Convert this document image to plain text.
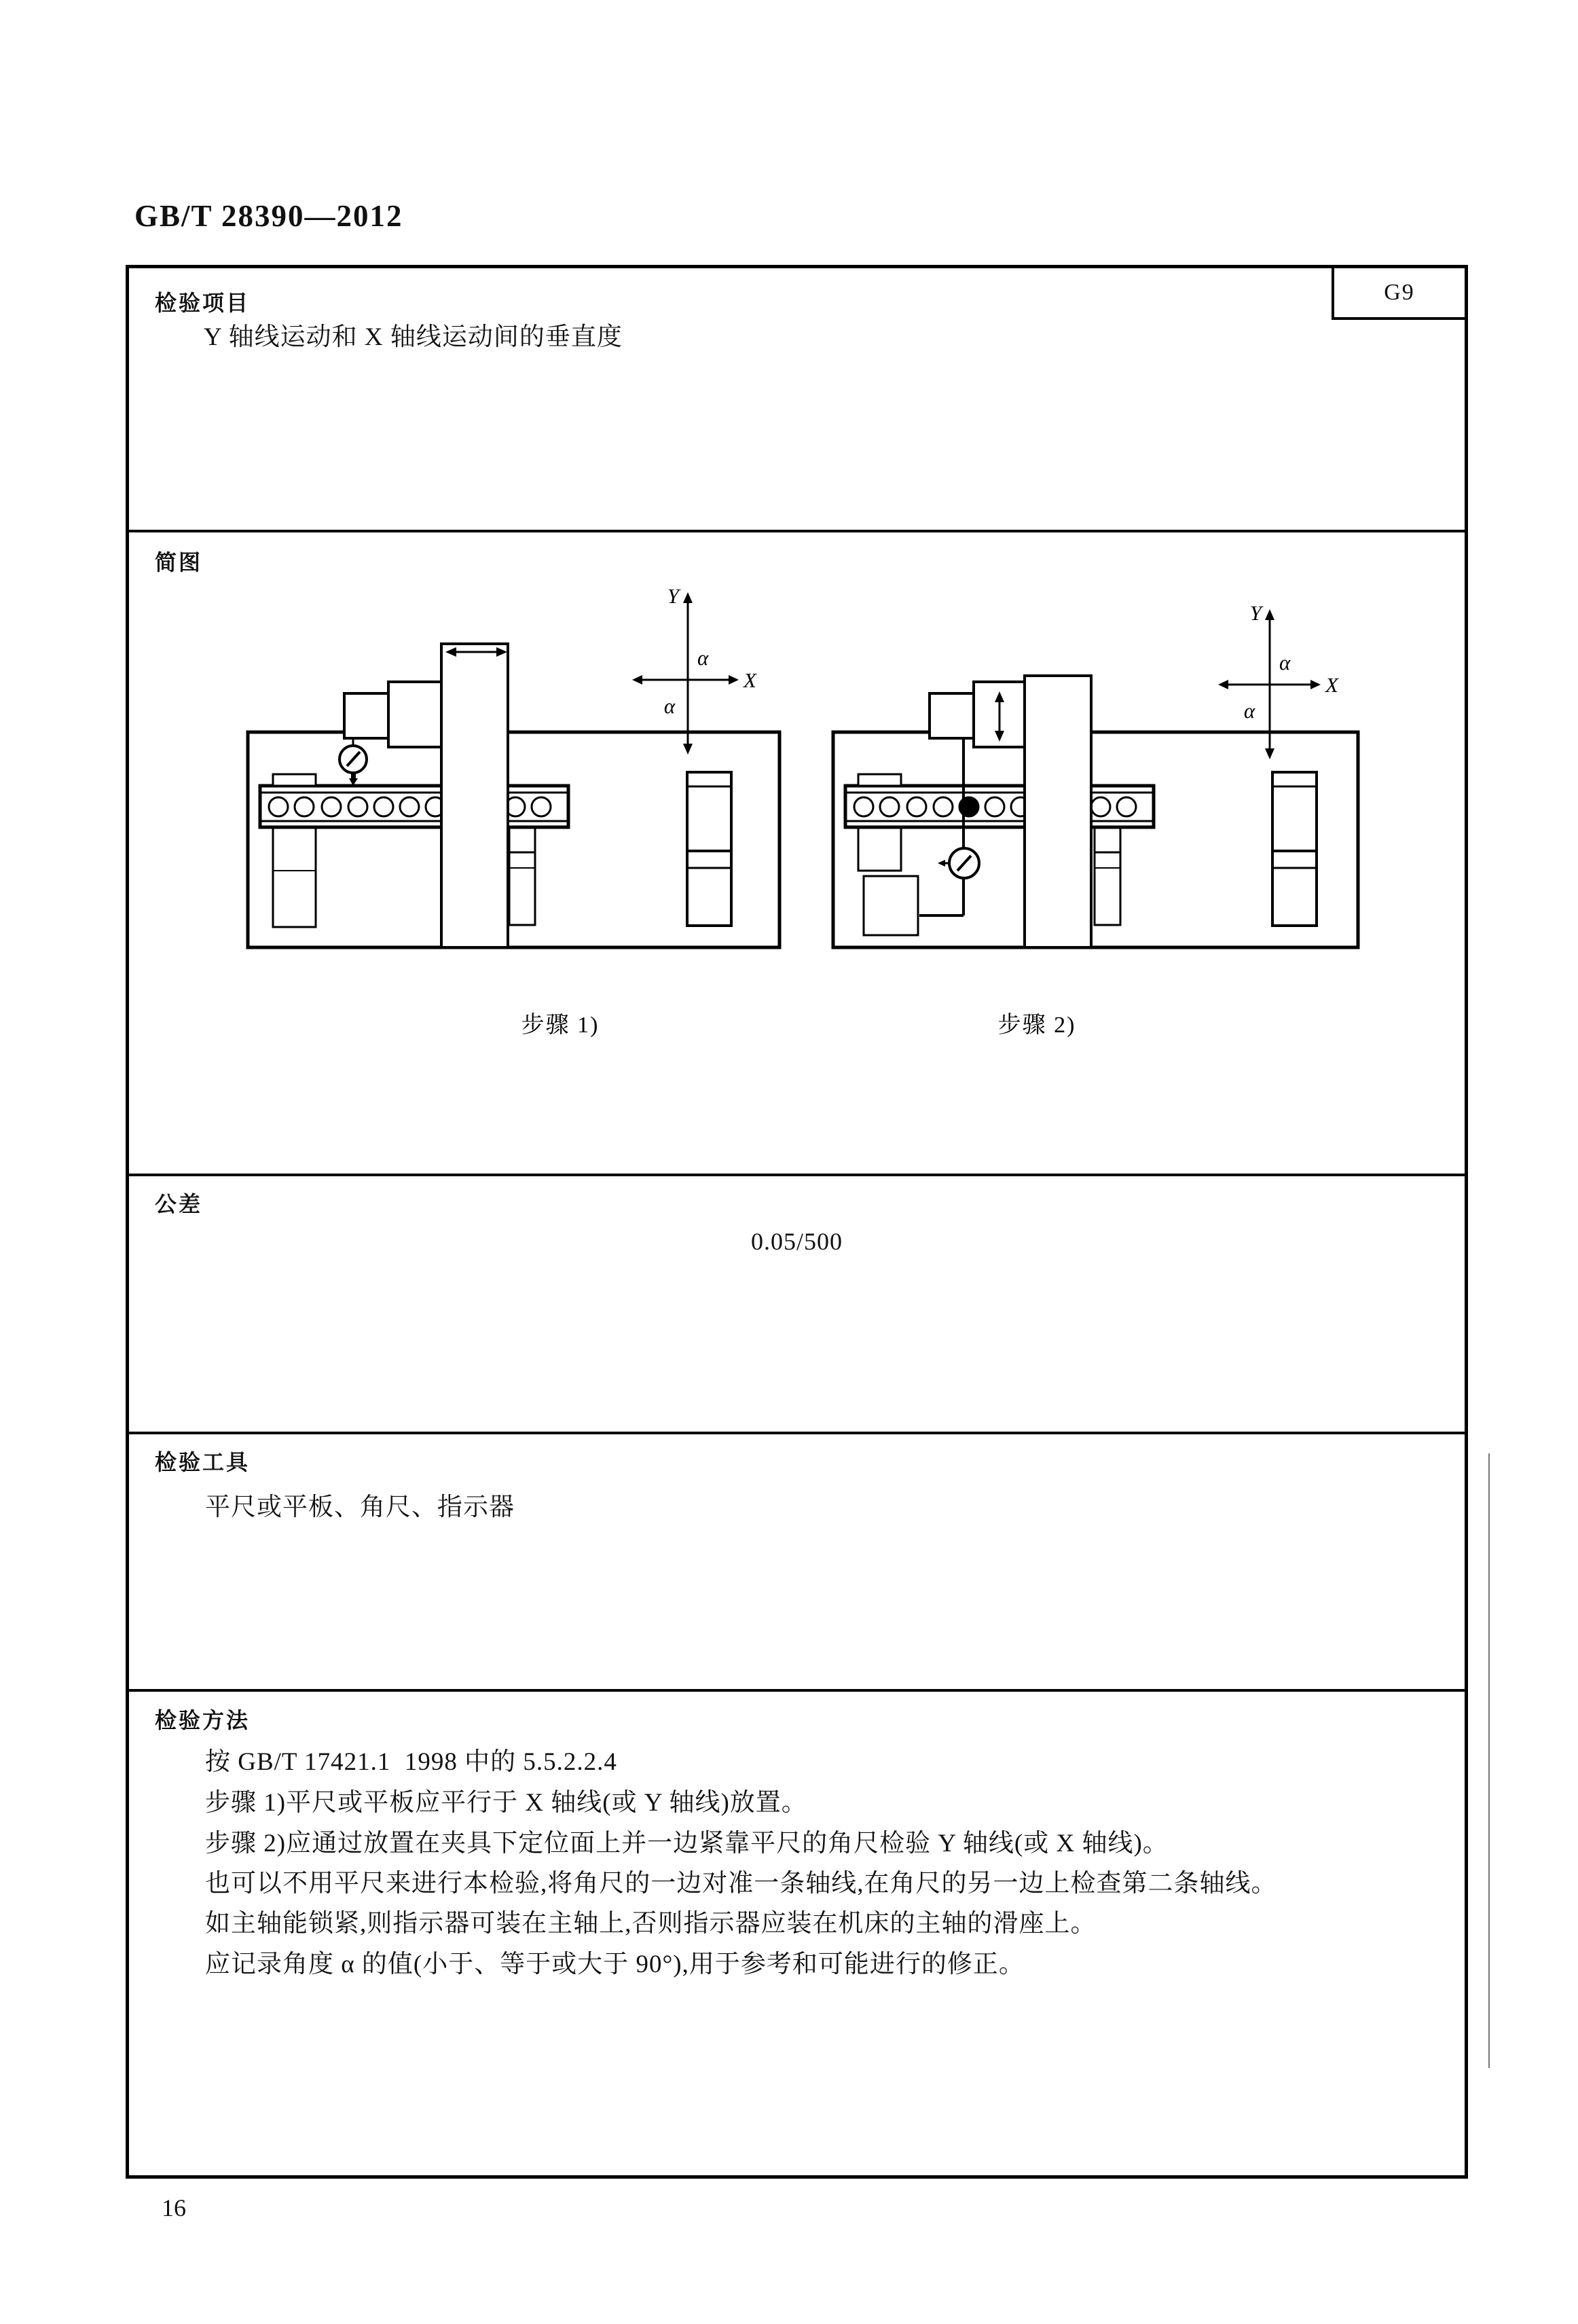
GB/T 28390—2012
G9
检验项目
Y 轴线运动和 X 轴线运动间的垂直度
简图
Y
X
α
α
Y
X
α
α
步骤 1)	步骤 2)
公差
0.05/500
检验工具
平尺或平板、角尺、指示器
检验方法
按 GB/T 17421.1  1998 中的 5.5.2.2.4
步骤 1)平尺或平板应平行于 X 轴线(或 Y 轴线)放置。
步骤 2)应通过放置在夹具下定位面上并一边紧靠平尺的角尺检验 Y 轴线(或 X 轴线)。
也可以不用平尺来进行本检验,将角尺的一边对准一条轴线,在角尺的另一边上检查第二条轴线。
如主轴能锁紧,则指示器可装在主轴上,否则指示器应装在机床的主轴的滑座上。
应记录角度 α 的值(小于、等于或大于 90°),用于参考和可能进行的修正。
16
